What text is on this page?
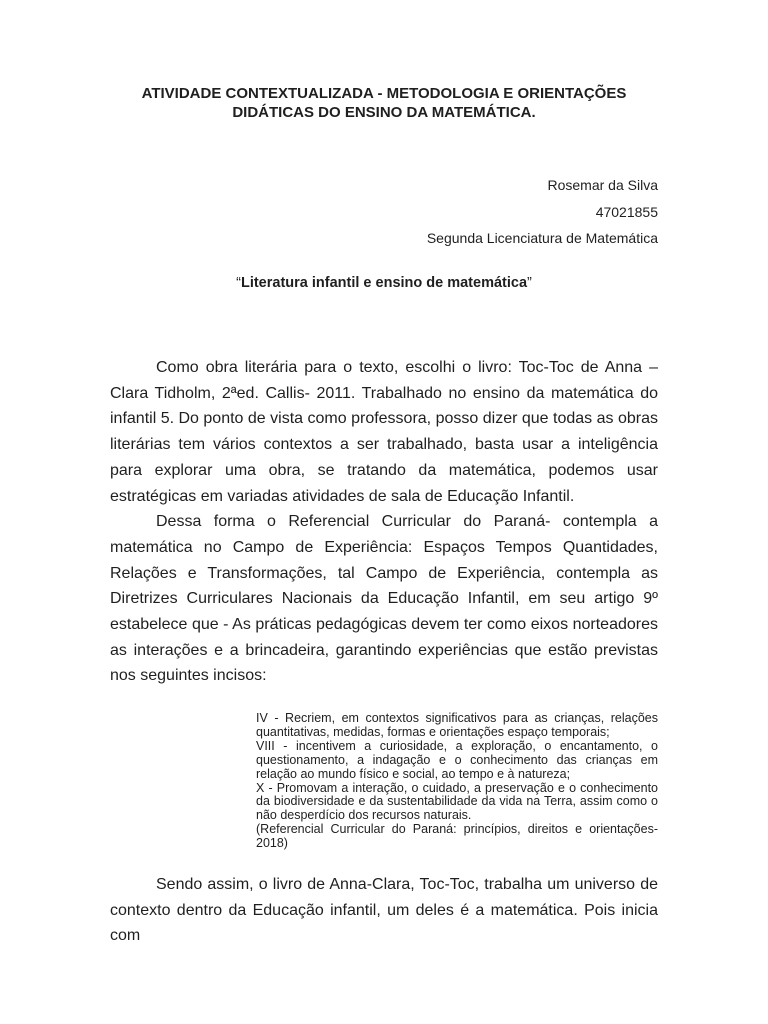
ATIVIDADE CONTEXTUALIZADA - METODOLOGIA E ORIENTAÇÕES
DIDÁTICAS DO ENSINO DA MATEMÁTICA.
Rosemar da Silva
47021855
Segunda Licenciatura de Matemática
“Literatura infantil e ensino de matemática”

Como obra literária para o texto, escolhi o livro: Toc-Toc de Anna – Clara Tidholm, 2ªed. Callis- 2011. Trabalhado no ensino da matemática do infantil 5. Do ponto de vista como professora, posso dizer que todas as obras literárias tem vários contextos a ser trabalhado, basta usar a inteligência para explorar uma obra, se tratando da matemática, podemos usar estratégicas em variadas atividades de sala de Educação Infantil.

Dessa forma o Referencial Curricular do Paraná- contempla a matemática no Campo de Experiência: Espaços Tempos Quantidades, Relações e Transformações, tal Campo de Experiência, contempla as Diretrizes Curriculares Nacionais da Educação Infantil, em seu artigo 9º estabelece que - As práticas pedagógicas devem ter como eixos norteadores as interações e a brincadeira, garantindo experiências que estão previstas nos seguintes incisos:

IV - Recriem, em contextos significativos para as crianças, relações quantitativas, medidas, formas e orientações espaço temporais;

VIII - incentivem a curiosidade, a exploração, o encantamento, o questionamento, a indagação e o conhecimento das crianças em relação ao mundo físico e social, ao tempo e à natureza;

X - Promovam a interação, o cuidado, a preservação e o conhecimento da biodiversidade e da sustentabilidade da vida na Terra, assim como o não desperdício dos recursos naturais.

(Referencial Curricular do Paraná: princípios, direitos e orientações-2018)

Sendo assim, o livro de Anna-Clara, Toc-Toc, trabalha um universo de contexto dentro da Educação infantil, um deles é a matemática. Pois inicia com
